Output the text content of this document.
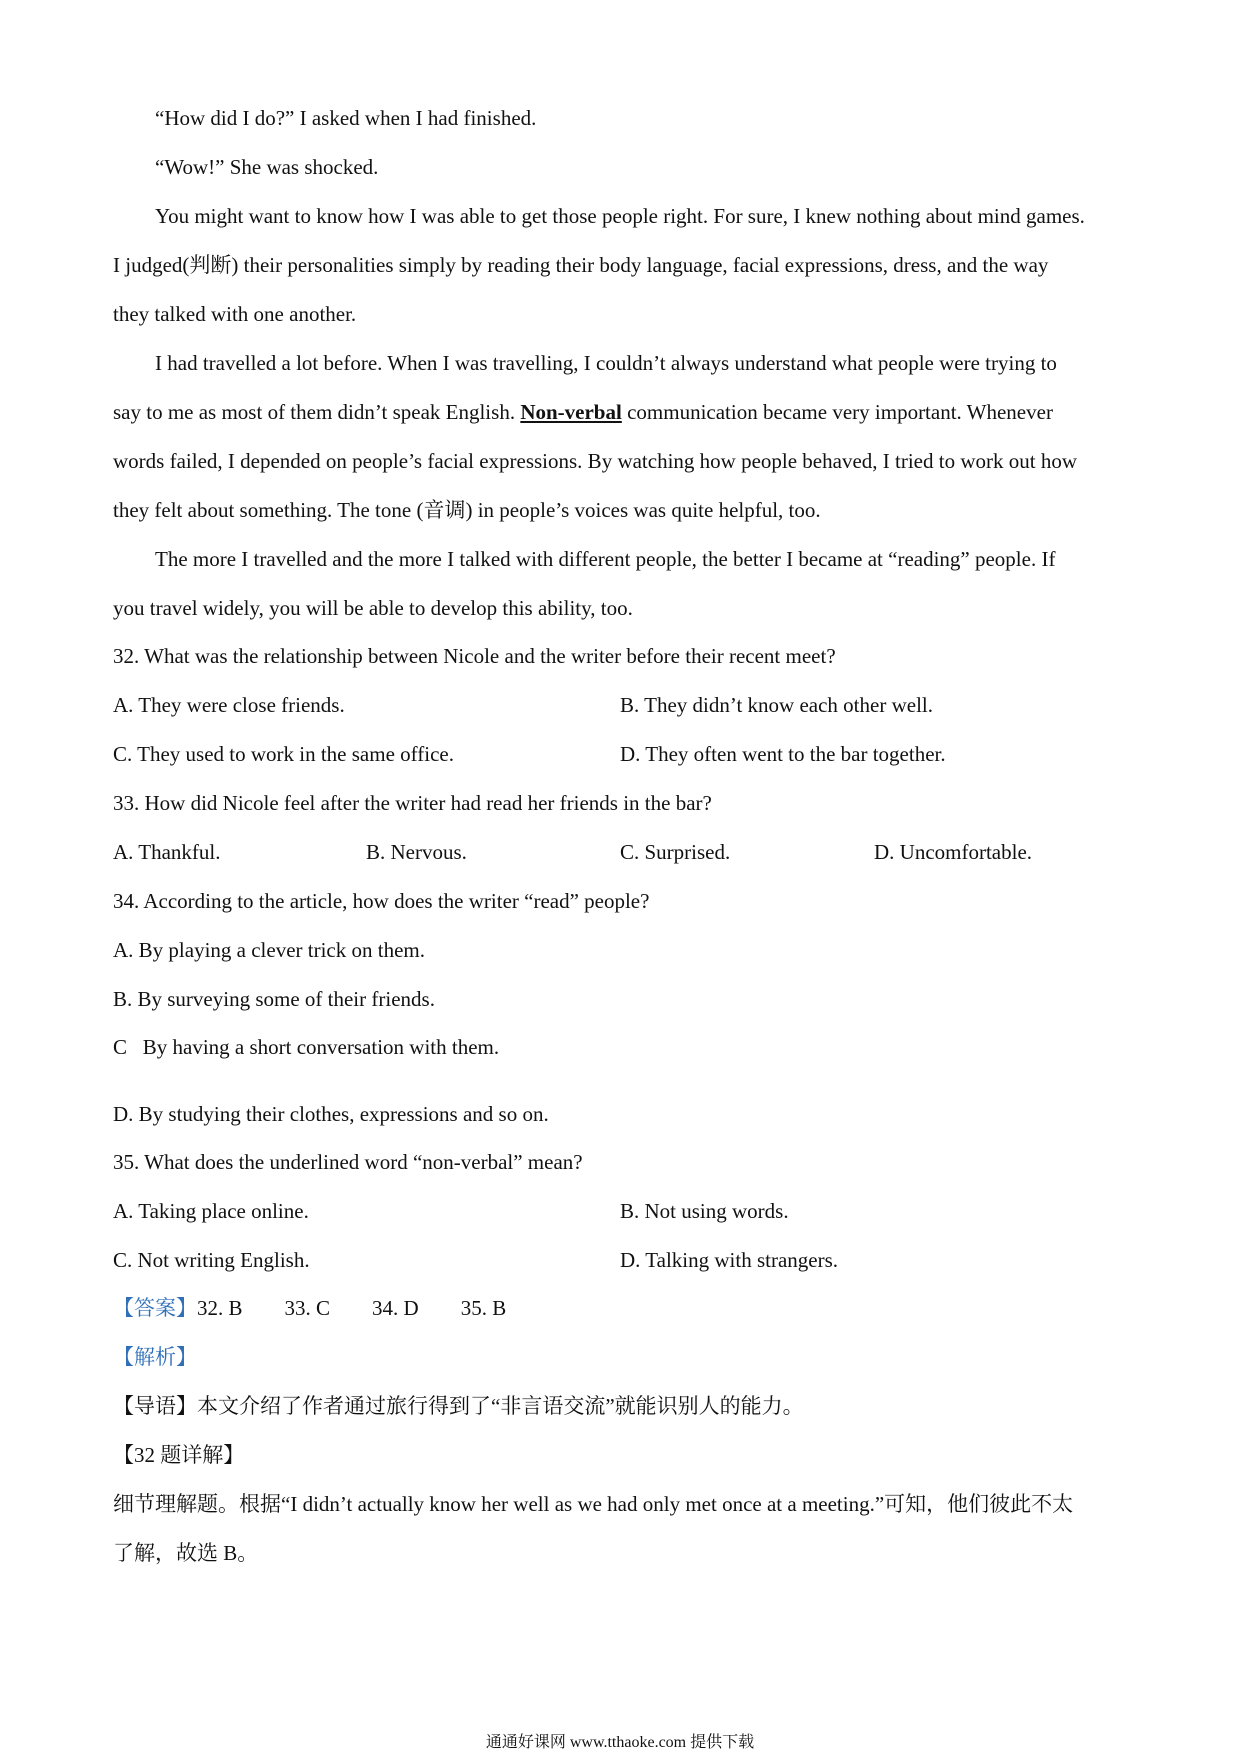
“How did I do?” I asked when I had finished.
“Wow!” She was shocked.
You might want to know how I was able to get those people right. For sure, I knew nothing about mind games.
I judged(判断) their personalities simply by reading their body language, facial expressions, dress, and the way
they talked with one another.
I had travelled a lot before. When I was travelling, I couldn’t always understand what people were trying to
say to me as most of them didn’t speak English. Non-verbal communication became very important. Whenever
words failed, I depended on people’s facial expressions. By watching how people behaved, I tried to work out how
they felt about something. The tone (音调) in people’s voices was quite helpful, too.
The more I travelled and the more I talked with different people, the better I became at “reading” people. If
you travel widely, you will be able to develop this ability, too.
32. What was the relationship between Nicole and the writer before their recent meet?
A. They were close friends.	B. They didn’t know each other well.
C. They used to work in the same office.	D. They often went to the bar together.
33. How did Nicole feel after the writer had read her friends in the bar?
A. Thankful.	B. Nervous.	C. Surprised.	D. Uncomfortable.
34. According to the article, how does the writer “read” people?
A. By playing a clever trick on them.
B. By surveying some of their friends.
C   By having a short conversation with them.
D. By studying their clothes, expressions and so on.
35. What does the underlined word “non-verbal” mean?
A. Taking place online.	B. Not using words.
C. Not writing English.	D. Talking with strangers.
【答案】32. B 33. C 34. D 35. B
【解析】
【导语】本文介绍了作者通过旅行得到了“非言语交流”就能识别人的能力。
【32 题详解】
细节理解题。根据“I didn’t actually know her well as we had only met once at a meeting.”可知，他们彼此不太
了解，故选 B。
通通好课网 www.tthaoke.com 提供下载
